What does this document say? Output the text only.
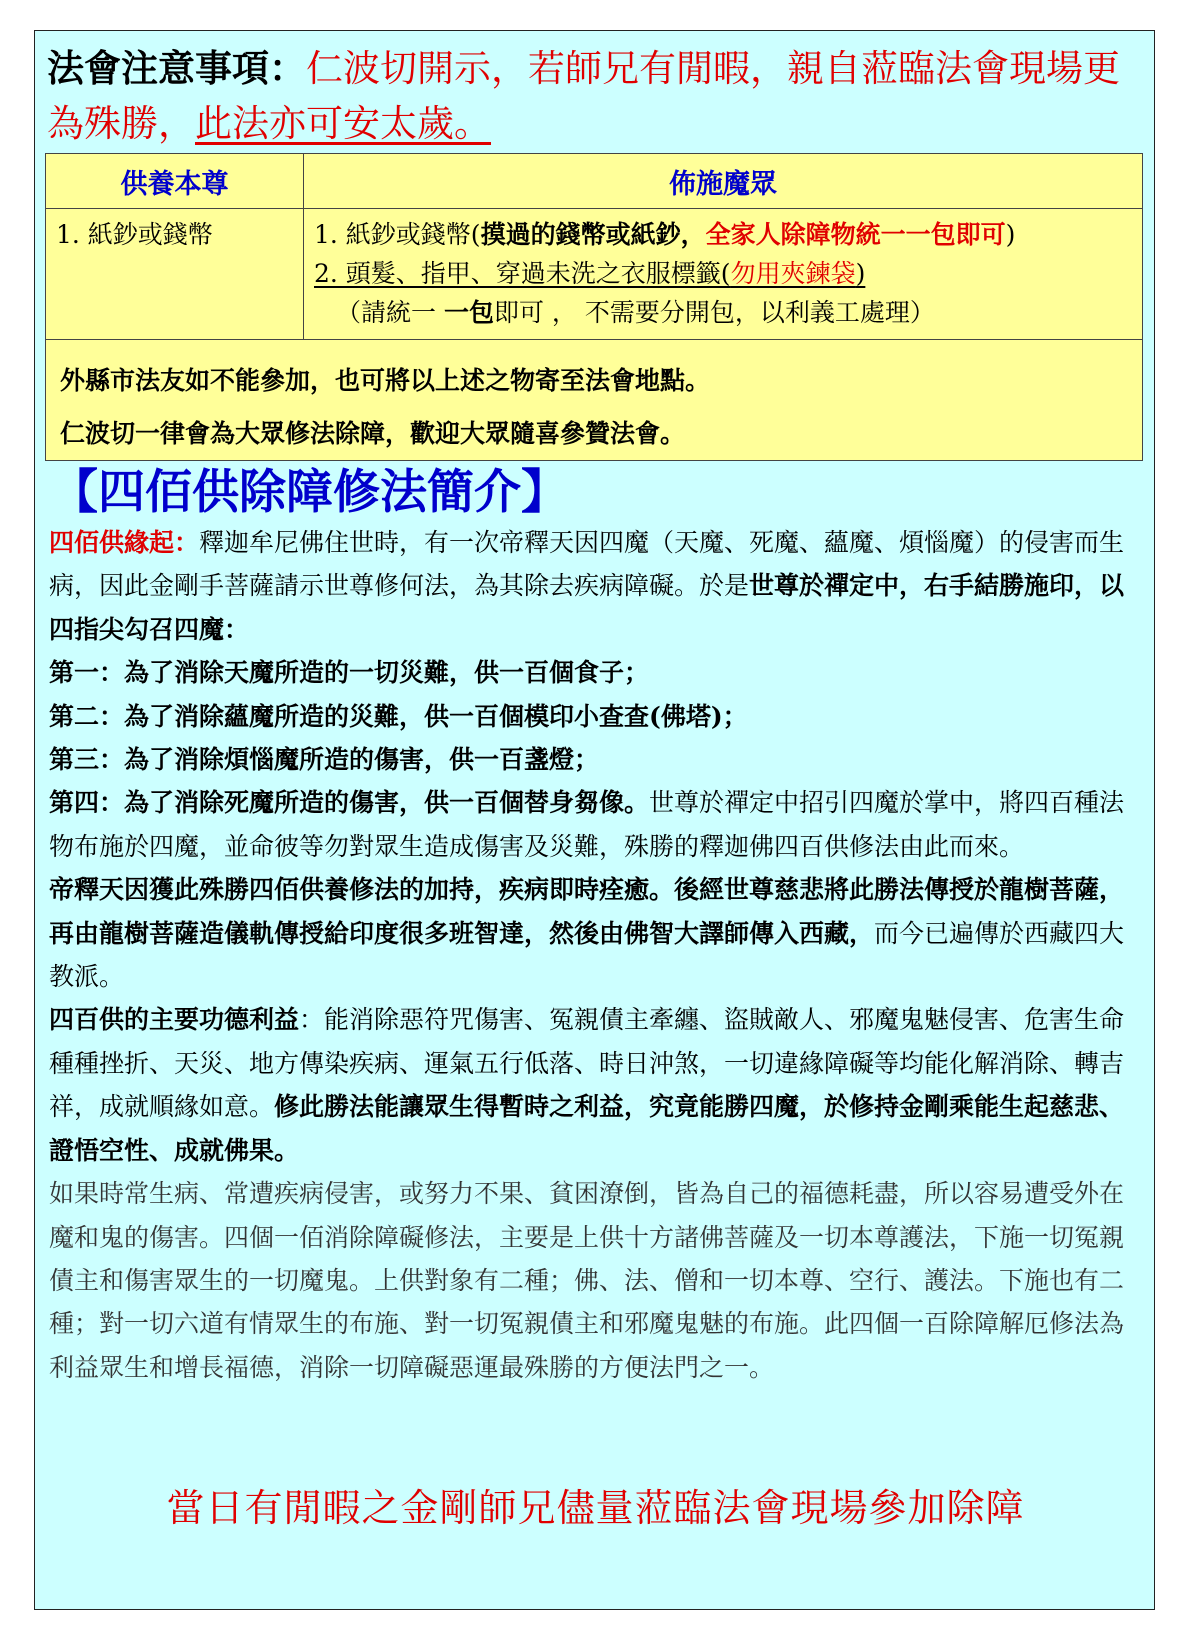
法會注意事項：仁波切開示，若師兄有閒暇，親自蒞臨法會現場更為殊勝，此法亦可安太歲。
供養本尊	佈施魔眾
1. 紙鈔或錢幣	1. 紙鈔或錢幣(摸過的錢幣或紙鈔，全家人除障物統一一包即可)
2. 頭髮、指甲、穿過未洗之衣服標籤(勿用夾鍊袋)
（請統一 一包即可 ， 不需要分開包，以利義工處理）

外縣市法友如不能參加，也可將以上述之物寄至法會地點。
仁波切一律會為大眾修法除障，歡迎大眾隨喜參贊法會。	
【四佰供除障修法簡介】

四佰供緣起：釋迦牟尼佛住世時，有一次帝釋天因四魔（天魔、死魔、蘊魔、煩惱魔）的侵害而生病，因此金剛手菩薩請示世尊修何法，為其除去疾病障礙。於是世尊於禪定中，右手結勝施印，以四指尖勾召四魔：

第一：為了消除天魔所造的一切災難，供一百個食子；

第二：為了消除蘊魔所造的災難，供一百個模印小查查(佛塔)；

第三：為了消除煩惱魔所造的傷害，供一百盞燈；

第四：為了消除死魔所造的傷害，供一百個替身芻像。世尊於禪定中招引四魔於掌中，將四百種法物布施於四魔，並命彼等勿對眾生造成傷害及災難，殊勝的釋迦佛四百供修法由此而來。

帝釋天因獲此殊勝四佰供養修法的加持，疾病即時痊癒。後經世尊慈悲將此勝法傳授於龍樹菩薩，再由龍樹菩薩造儀軌傳授給印度很多班智達，然後由佛智大譯師傳入西藏，而今已遍傳於西藏四大教派。

四百供的主要功德利益：能消除惡符咒傷害、冤親債主牽纏、盜賊敵人、邪魔鬼魅侵害、危害生命種種挫折、天災、地方傳染疾病、運氣五行低落、時日沖煞，一切違緣障礙等均能化解消除、轉吉祥，成就順緣如意。修此勝法能讓眾生得暫時之利益，究竟能勝四魔，於修持金剛乘能生起慈悲、證悟空性、成就佛果。

如果時常生病、常遭疾病侵害，或努力不果、貧困潦倒，皆為自己的福德耗盡，所以容易遭受外在魔和鬼的傷害。四個一佰消除障礙修法，主要是上供十方諸佛菩薩及一切本尊護法，下施一切冤親債主和傷害眾生的一切魔鬼。上供對象有二種；佛、法、僧和一切本尊、空行、護法。下施也有二種；對一切六道有情眾生的布施、對一切冤親債主和邪魔鬼魅的布施。此四個一百除障解厄修法為利益眾生和增長福德，消除一切障礙惡運最殊勝的方便法門之一。

當日有閒暇之金剛師兄儘量蒞臨法會現場參加除障
